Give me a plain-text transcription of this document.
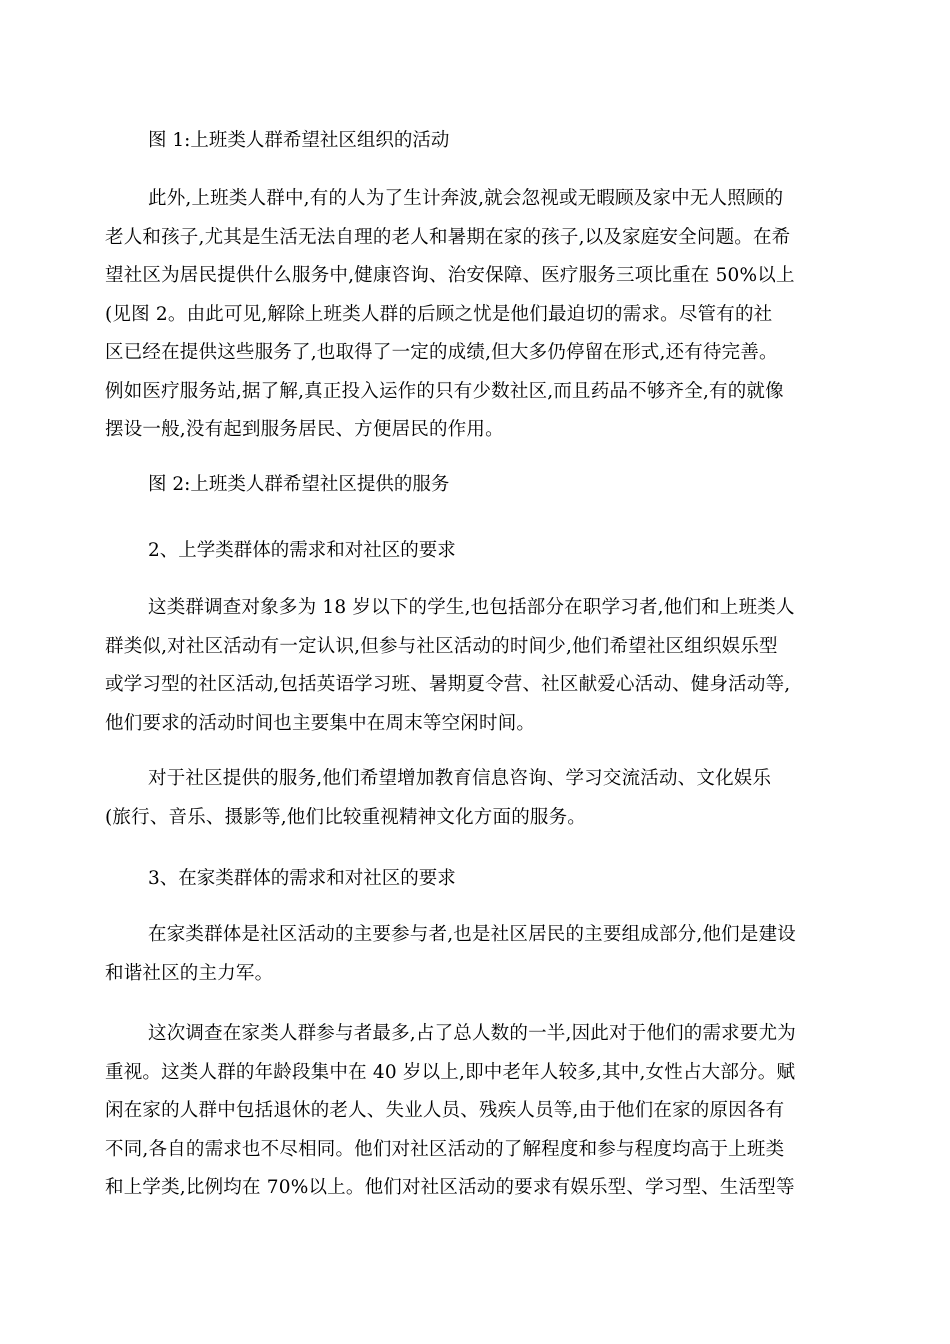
图 1:上班类人群希望社区组织的活动
此外,上班类人群中,有的人为了生计奔波,就会忽视或无暇顾及家中无人照顾的
老人和孩子,尤其是生活无法自理的老人和暑期在家的孩子,以及家庭安全问题。在希
望社区为居民提供什么服务中,健康咨询、治安保障、医疗服务三项比重在 50%以上
(见图 2。由此可见,解除上班类人群的后顾之忧是他们最迫切的需求。尽管有的社
区已经在提供这些服务了,也取得了一定的成绩,但大多仍停留在形式,还有待完善。
例如医疗服务站,据了解,真正投入运作的只有少数社区,而且药品不够齐全,有的就像
摆设一般,没有起到服务居民、方便居民的作用。
图 2:上班类人群希望社区提供的服务
2、上学类群体的需求和对社区的要求
这类群调查对象多为 18 岁以下的学生,也包括部分在职学习者,他们和上班类人
群类似,对社区活动有一定认识,但参与社区活动的时间少,他们希望社区组织娱乐型
或学习型的社区活动,包括英语学习班、暑期夏令营、社区献爱心活动、健身活动等,
他们要求的活动时间也主要集中在周末等空闲时间。
对于社区提供的服务,他们希望增加教育信息咨询、学习交流活动、文化娱乐
(旅行、音乐、摄影等,他们比较重视精神文化方面的服务。
3、在家类群体的需求和对社区的要求
在家类群体是社区活动的主要参与者,也是社区居民的主要组成部分,他们是建设
和谐社区的主力军。
这次调查在家类人群参与者最多,占了总人数的一半,因此对于他们的需求要尤为
重视。这类人群的年龄段集中在 40 岁以上,即中老年人较多,其中,女性占大部分。赋
闲在家的人群中包括退休的老人、失业人员、残疾人员等,由于他们在家的原因各有
不同,各自的需求也不尽相同。他们对社区活动的了解程度和参与程度均高于上班类
和上学类,比例均在 70%以上。他们对社区活动的要求有娱乐型、学习型、生活型等
